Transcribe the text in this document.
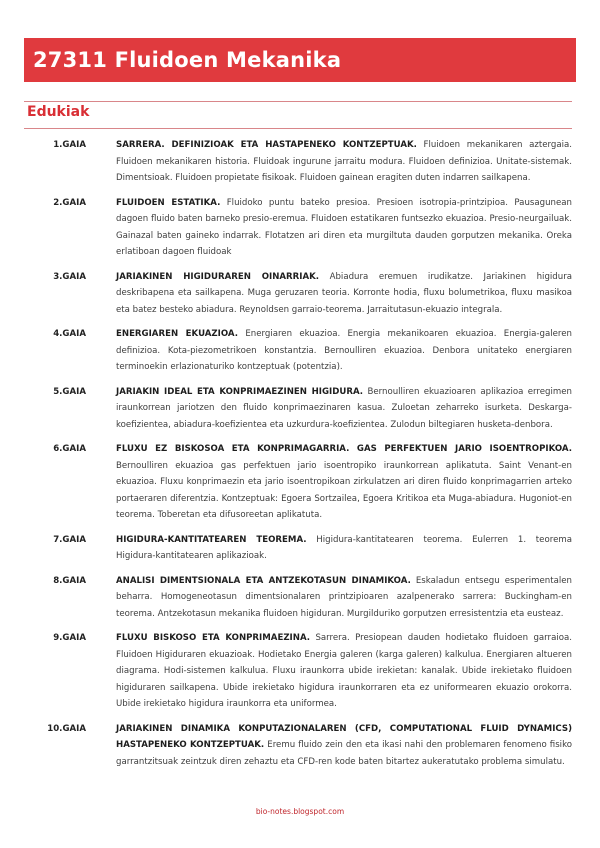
27311 Fluidoen Mekanika
Edukiak
1.GAIA	SARRERA. DEFINIZIOAK ETA HASTAPENEKO KONTZEPTUAK. Fluidoen mekanikaren aztergaia. Fluidoen mekanikaren historia. Fluidoak ingurune jarraitu modura. Fluidoen definizioa. Unitate-sistemak. Dimentsioak. Fluidoen propietate fisikoak. Fluidoen gainean eragiten duten indarren sailkapena.
2.GAIA	FLUIDOEN ESTATIKA. Fluidoko puntu bateko presioa. Presioen isotropia-printzipioa. Pausagunean dagoen fluido baten barneko presio-eremua. Fluidoen estatikaren funtsezko ekuazioa. Presio-neurgailuak. Gainazal baten gaineko indarrak. Flotatzen ari diren eta murgiltuta dauden gorputzen mekanika. Oreka erlatiboan dagoen fluidoak
3.GAIA	JARIAKINEN HIGIDURAREN OINARRIAK. Abiadura eremuen irudikatze. Jariakinen higidura deskribapena eta sailkapena. Muga geruzaren teoria. Korronte hodia, fluxu bolumetrikoa, fluxu masikoa eta batez besteko abiadura. Reynoldsen garraio-teorema. Jarraitutasun-ekuazio integrala.
4.GAIA	ENERGIAREN EKUAZIOA. Energiaren ekuazioa. Energia mekanikoaren ekuazioa. Energia-galeren definizioa. Kota-piezometrikoen konstantzia. Bernoulliren ekuazioa. Denbora unitateko energiaren terminoekin erlazionaturiko kontzeptuak (potentzia).
5.GAIA	JARIAKIN IDEAL ETA KONPRIMAEZINEN HIGIDURA. Bernoulliren ekuazioaren aplikazioa erregimen iraunkorrean jariotzen den fluido konprimaezinaren kasua. Zuloetan zeharreko isurketa. Deskarga-koefizientea, abiadura-koefizientea eta uzkurdura-koefizientea. Zulodun biltegiaren husketa-denbora.
6.GAIA	FLUXU EZ BISKOSOA ETA KONPRIMAGARRIA. GAS PERFEKTUEN JARIO ISOENTROPIKOA. Bernoulliren ekuazioa gas perfektuen jario isoentropiko iraunkorrean aplikatuta. Saint Venant-en ekuazioa. Fluxu konprimaezin eta jario isoentropikoan zirkulatzen ari diren fluido konprimagarrien arteko portaeraren diferentzia. Kontzeptuak: Egoera Sortzailea, Egoera Kritikoa eta Muga-abiadura. Hugoniot-en teorema. Toberetan eta difusoreetan aplikatuta.
7.GAIA	HIGIDURA-KANTITATEAREN TEOREMA. Higidura-kantitatearen teorema. Eulerren 1. teorema Higidura-kantitatearen aplikazioak.
8.GAIA	ANALISI DIMENTSIONALA ETA ANTZEKOTASUN DINAMIKOA. Eskaladun entsegu esperimentalen beharra. Homogeneotasun dimentsionalaren printzipioaren azalpenerako sarrera: Buckingham-en teorema. Antzekotasun mekanika fluidoen higiduran. Murgilduriko gorputzen erresistentzia eta eusteaz.
9.GAIA	FLUXU BISKOSO ETA KONPRIMAEZINA. Sarrera. Presiopean dauden hodietako fluidoen garraioa. Fluidoen Higiduraren ekuazioak. Hodietako Energia galeren (karga galeren) kalkulua. Energiaren altueren diagrama. Hodi-sistemen kalkulua. Fluxu iraunkorra ubide irekietan: kanalak. Ubide irekietako fluidoen higiduraren sailkapena. Ubide irekietako higidura iraunkorraren eta ez uniformearen ekuazio orokorra. Ubide irekietako higidura iraunkorra eta uniformea.
10.GAIA	JARIAKINEN DINAMIKA KONPUTAZIONALAREN (CFD, COMPUTATIONAL FLUID DYNAMICS) HASTAPENEKO KONTZEPTUAK. Eremu fluido zein den eta ikasi nahi den problemaren fenomeno fisiko garrantzitsuak zeintzuk diren zehaztu eta CFD-ren kode baten bitartez aukeratutako problema simulatu.
bio-notes.blogspot.com
